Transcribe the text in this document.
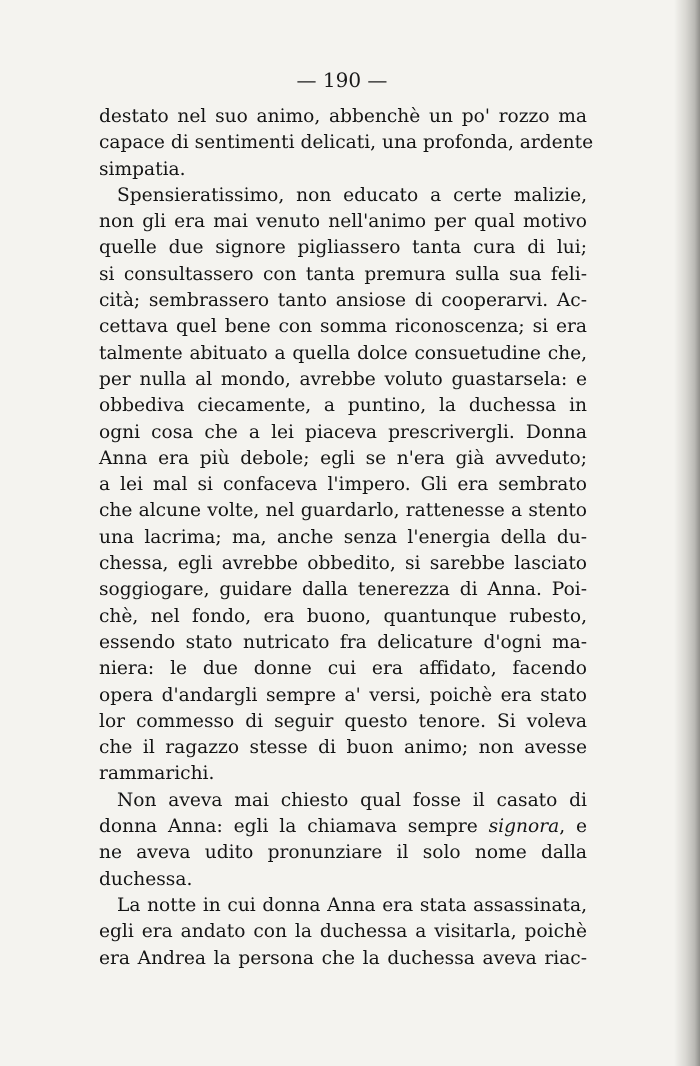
— 190 —
destato nel suo animo, abbenchè un po' rozzo ma
capace di sentimenti delicati, una profonda, ardente
simpatia.
Spensieratissimo, non educato a certe malizie,
non gli era mai venuto nell'animo per qual motivo
quelle due signore pigliassero tanta cura di lui;
si consultassero con tanta premura sulla sua feli-
cità; sembrassero tanto ansiose di cooperarvi. Ac-
cettava quel bene con somma riconoscenza; si era
talmente abituato a quella dolce consuetudine che,
per nulla al mondo, avrebbe voluto guastarsela: e
obbediva ciecamente, a puntino, la duchessa in
ogni cosa che a lei piaceva prescrivergli. Donna
Anna era più debole; egli se n'era già avveduto;
a lei mal si confaceva l'impero. Gli era sembrato
che alcune volte, nel guardarlo, rattenesse a stento
una lacrima; ma, anche senza l'energia della du-
chessa, egli avrebbe obbedito, si sarebbe lasciato
soggiogare, guidare dalla tenerezza di Anna. Poi-
chè, nel fondo, era buono, quantunque rubesto,
essendo stato nutricato fra delicature d'ogni ma-
niera: le due donne cui era affidato, facendo
opera d'andargli sempre a' versi, poichè era stato
lor commesso di seguir questo tenore. Si voleva
che il ragazzo stesse di buon animo; non avesse
rammarichi.
Non aveva mai chiesto qual fosse il casato di
donna Anna: egli la chiamava sempre signora, e
ne aveva udito pronunziare il solo nome dalla
duchessa.
La notte in cui donna Anna era stata assassinata,
egli era andato con la duchessa a visitarla, poichè
era Andrea la persona che la duchessa aveva riac-
